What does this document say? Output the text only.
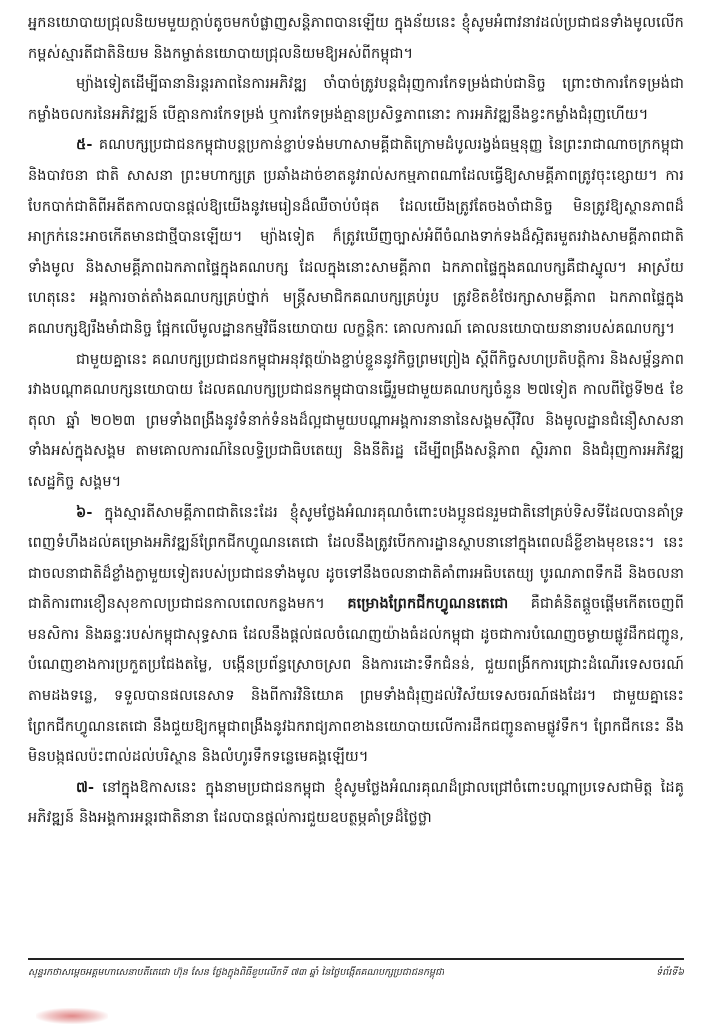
អ្នកនយោបាយជ្រុលនិយមមួយក្តាប់តូចមកបំផ្លាញសន្តិភាពបានឡើយ ក្នុងន័យនេះ ខ្ញុំសូមអំពាវនាវដល់ប្រជាជនទាំងមូលលើកកម្ពស់ស្មារតីជាតិនិយម និងកម្ចាត់នយោបាយជ្រុលនិយមឱ្យអស់ពីកម្ពុជា។

ម្យ៉ាងទៀតដើម្បីធានានិរន្តរភាពនៃការអភិវឌ្ឍ ចាំបាច់ត្រូវបន្តជំរុញការកែទម្រង់ជាប់ជានិច្ច ព្រោះថាការកែទម្រង់ជាកម្លាំងចលករនៃអភិវឌ្ឍន៍ បើគ្មានការកែទម្រង់ ឬការកែទម្រង់គ្មានប្រសិទ្ធភាពនោះ ការអភិវឌ្ឍនឹងខ្វះកម្លាំងជំរុញហើយ។

៥- គណបក្សប្រជាជនកម្ពុជាបន្តប្រកាន់ខ្ជាប់ទង់មហាសាមគ្គីជាតិក្រោមដំបូលរង្វង់ធម្មនុញ្ញ នៃព្រះរាជាណាចក្រកម្ពុជា និងបាវចនា ជាតិ សាសនា ព្រះមហាក្សត្រ ប្រឆាំងដាច់ខាតនូវរាល់សកម្មភាពណាដែលធ្វើឱ្យសាមគ្គីភាពត្រូវចុះខ្សោយ។ ការបែកបាក់ជាតិពីអតីតកាលបានផ្តល់ឱ្យយើងនូវមេរៀនដ៏ឈឺចាប់បំផុត ដែលយើងត្រូវតែចងចាំជានិច្ច មិនត្រូវឱ្យស្ថានភាពដ៏អាក្រក់នេះអាចកើតមានជាថ្មីបានឡើយ។ ម្យ៉ាងទៀត ក៏ត្រូវឃើញច្បាស់អំពីចំណងទាក់ទងដ៏ស្អិតរមួតរវាងសាមគ្គីភាពជាតិទាំងមូល និងសាមគ្គីភាពឯកភាពផ្ទៃក្នុងគណបក្ស ដែលក្នុងនោះសាមគ្គីភាព ឯកភាពផ្ទៃក្នុងគណបក្សគឺជាស្នូល។ អាស្រ័យហេតុនេះ អង្គការចាត់តាំងគណបក្សគ្រប់ថ្នាក់ មន្ត្រីសមាជិកគណបក្សគ្រប់រូប ត្រូវខិតខំថែរក្សាសាមគ្គីភាព ឯកភាពផ្ទៃក្នុងគណបក្សឱ្យរឹងមាំជានិច្ច ផ្អែកលើមូលដ្ឋានកម្មវិធីនយោបាយ លក្ខន្តិកៈ គោលការណ៍ គោលនយោបាយនានារបស់គណបក្ស។

ជាមួយគ្នានេះ គណបក្សប្រជាជនកម្ពុជាអនុវត្តយ៉ាងខ្ជាប់ខ្ជួននូវកិច្ចព្រមព្រៀង ស្តីពីកិច្ចសហប្រតិបត្តិការ និងសម្ព័ន្ធភាពរវាងបណ្តាគណបក្សនយោបាយ ដែលគណបក្សប្រជាជនកម្ពុជាបានធ្វើរួមជាមួយគណបក្សចំនួន ២៧ទៀត កាលពីថ្ងៃទី២៥ ខែតុលា ឆ្នាំ ២០២៣ ព្រមទាំងពង្រឹងនូវទំនាក់ទំនងដ៏ល្អជាមួយបណ្តាអង្គការនានានៃសង្គមស៊ីវិល និងមូលដ្ឋានជំនឿសាសនាទាំងអស់ក្នុងសង្គម តាមគោលការណ៍នៃលទ្ធិប្រជាធិបតេយ្យ និងនីតិរដ្ឋ ដើម្បីពង្រឹងសន្តិភាព ស្ថិរភាព និងជំរុញការអភិវឌ្ឍសេដ្ឋកិច្ច សង្គម។

៦- ក្នុងស្មារតីសាមគ្គីភាពជាតិនេះដែរ ខ្ញុំសូមថ្លែងអំណរគុណចំពោះបងប្អូនជនរួមជាតិនៅគ្រប់ទិសទីដែលបានគាំទ្រពេញទំហឹងដល់គម្រោងអភិវឌ្ឍន៍ព្រែកជីកហ្វូណនតេជោ ដែលនឹងត្រូវបើកការដ្ឋានស្ថាបនានៅក្នុងពេលដ៏ខ្លីខាងមុខនេះ។ នេះជាចលនាជាតិដ៏ខ្លាំងក្លាមួយទៀតរបស់ប្រជាជនទាំងមូល ដូចទៅនឹងចលនាជាតិគាំពារអធិបតេយ្យ បូរណភាពទឹកដី និងចលនាជាតិការពារខឿនសុខកាលប្រជាជនកាលពេលកន្លងមក។ គម្រោងព្រែកជីកហ្វូណនតេជោ គឺជាគំនិតផ្តួចផ្តើមកើតចេញពីមនសិការ និងឆន្ទៈរបស់កម្ពុជាសុទ្ធសាធ ដែលនឹងផ្តល់ផលចំណេញយ៉ាងធំដល់កម្ពុជា ដូចជាការបំណេញចម្ងាយផ្លូវដឹកជញ្ជូន, បំណេញខាងការប្រកួតប្រជែងតម្លៃ, បង្កើនប្រព័ន្ធស្រោចស្រព និងការដោះទឹកជំនន់, ជួយពង្រីកការជ្រោះដំណើរទេសចរណ៍តាមដងទន្លេ, ទទួលបានផលនេសាទ និងពីការវិនិយោគ ព្រមទាំងជំរុញដល់វិស័យទេសចរណ៍ផងដែរ។ ជាមួយគ្នានេះ ព្រែកជីកហ្វូណនតេជោ នឹងជួយឱ្យកម្ពុជាពង្រឹងនូវឯករាជ្យភាពខាងនយោបាយលើការដឹកជញ្ជូនតាមផ្លូវទឹក។ ព្រែកជីកនេះ នឹងមិនបង្កផលប៉ះពាល់ដល់បរិស្ថាន និងលំហូរទឹកទន្លេមេគង្គឡើយ។

៧- នៅក្នុងឱកាសនេះ ក្នុងនាមប្រជាជនកម្ពុជា ខ្ញុំសូមថ្លែងអំណរគុណដ៏ជ្រាលជ្រៅចំពោះបណ្តាប្រទេសជាមិត្ត ដៃគូអភិវឌ្ឍន៍ និងអង្គការអន្តរជាតិនានា ដែលបានផ្តល់ការជួយឧបត្ថម្ភគាំទ្រដ៏ថ្លៃថ្លា

សុន្ទរកថាសម្តេចអគ្គមហាសេនាបតីតេជោ ហ៊ុន សែន ថ្លែងក្នុងពិធីខួបលើកទី ៧៣ ឆ្នាំ នៃថ្ងៃបង្កើតគណបក្សប្រជាជនកម្ពុជា	ទំព័រទី៦
